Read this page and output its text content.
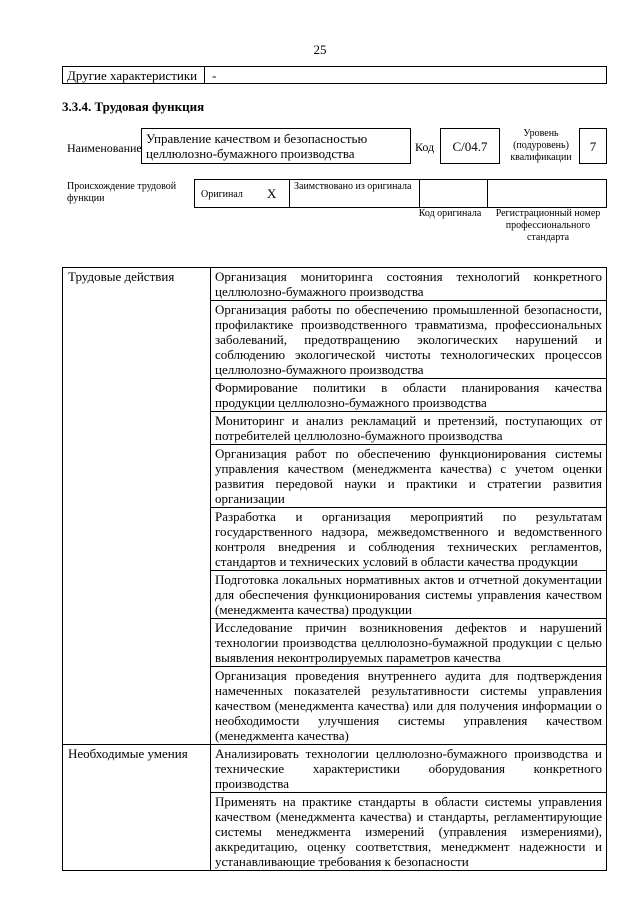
25
Другие характеристики	-
3.3.4. Трудовая функция
Наименование
Управление качеством и безопасностью целлюлозно-бумажного производства	Код	C/04.7
Уровень (подуровень) квалификации
7
Происхождение трудовой функции	Оригинал X Заимствовано из оригинала
Код оригинала	Регистрационный номер профессионального стандарта
Трудовые действия	Организация мониторинга состояния технологий конкретного целлюлозно-бумажного производства
	Организация работы по обеспечению промышленной безопасности, профилактике производственного травматизма, профессиональных заболеваний, предотвращению экологических нарушений и соблюдению экологической чистоты технологических процессов целлюлозно-бумажного производства
	Формирование политики в области планирования качества продукции целлюлозно-бумажного производства
	Мониторинг и анализ рекламаций и претензий, поступающих от потребителей целлюлозно-бумажного производства
	Организация работ по обеспечению функционирования системы управления качеством (менеджмента качества) с учетом оценки развития передовой науки и практики и стратегии развития организации
	Разработка и организация мероприятий по результатам государственного надзора, межведомственного и ведомственного контроля внедрения и соблюдения технических регламентов, стандартов и технических условий в области качества продукции
	Подготовка локальных нормативных актов и отчетной документации для обеспечения функционирования системы управления качеством (менеджмента качества) продукции
	Исследование причин возникновения дефектов и нарушений технологии производства целлюлозно-бумажной продукции с целью выявления неконтролируемых параметров качества
	Организация проведения внутреннего аудита для подтверждения намеченных показателей результативности системы управления качеством (менеджмента качества) или для получения информации о необходимости улучшения системы управления качеством (менеджмента качества)
Необходимые умения	Анализировать технологии целлюлозно-бумажного производства и технические характеристики оборудования конкретного производства
	Применять на практике стандарты в области системы управления качеством (менеджмента качества) и стандарты, регламентирующие системы менеджмента измерений (управления измерениями), аккредитацию, оценку соответствия, менеджмент надежности и устанавливающие требования к безопасности
